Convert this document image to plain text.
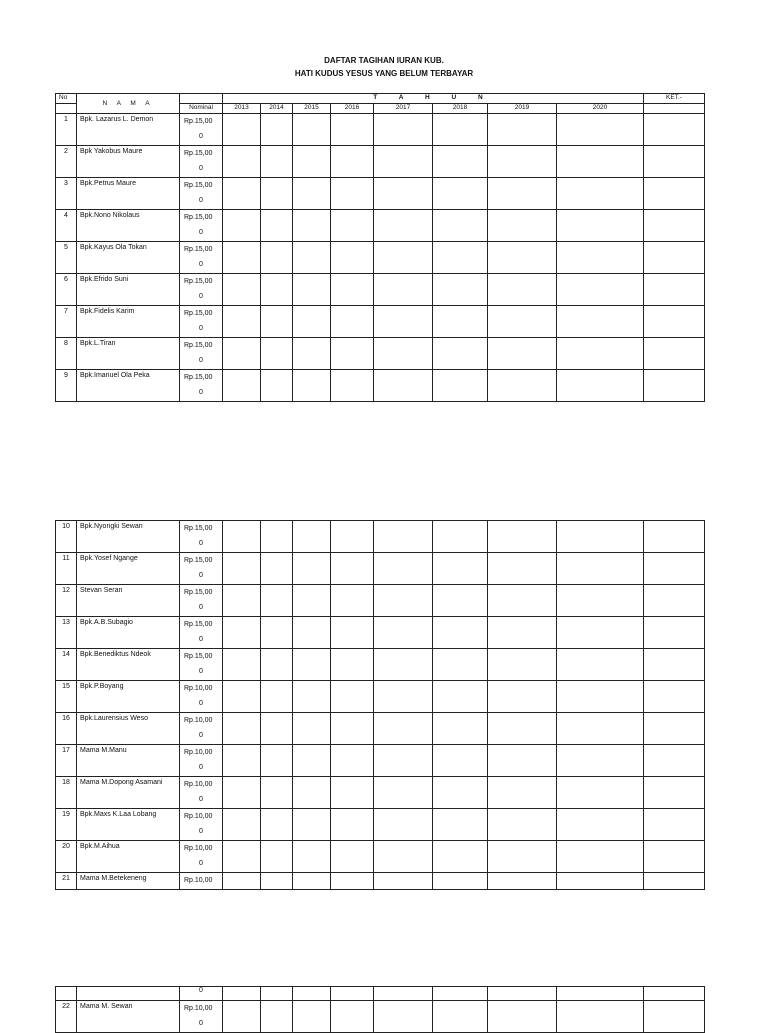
DAFTAR TAGIHAN IURAN KUB.
HATI KUDUS YESUS YANG BELUM TERBAYAR
No	N A M A		T A H U N								KET.-
		Nominal	2013	2014	2015	2016	2017	2018	2019	2020	
1	Bpk. Lazarus L. Demon	Rp.15,00
0									

2	Bpk Yakobus Maure	Rp.15,00
0									

3	Bpk.Petrus Maure	Rp.15,00
0									

4	Bpk.Nono Nikolaus	Rp.15,00
0									

5	Bpk.Kayus Ola Tokan	Rp.15,00
0									

6	Bpk.Efrido Suni	Rp.15,00
0									

7	Bpk.Fidelis Karim	Rp.15,00
0									

8	Bpk.L.Tiran	Rp.15,00
0									

9	Bpk.Imanuel Ola Peka	Rp.15,00
0									

10	Bpk.Nyongki Sewan	Rp.15,00
0									

11	Bpk.Yosef Ngange	Rp.15,00
0									

12	Stevan Seran	Rp.15,00
0									

13	Bpk.A.B.Subagio	Rp.15,00
0									

14	Bpk.Benediktus Ndeok	Rp.15,00
0									

15	Bpk.P.Boyang	Rp.10,00
0									

16	Bpk.Laurensius Weso	Rp.10,00
0									

17	Mama M.Manu	Rp.10,00
0									

18	Mama M.Dopong Asamani	Rp.10,00
0									

19	Bpk.Maxs K.Laa Lobang	Rp.10,00
0									

20	Bpk.M.Aihua	Rp.10,00
0									

21	Mama M.Betekeneng	Rp.10,00									

		0									
22	Mama M. Sewan	Rp.10,00
0									
